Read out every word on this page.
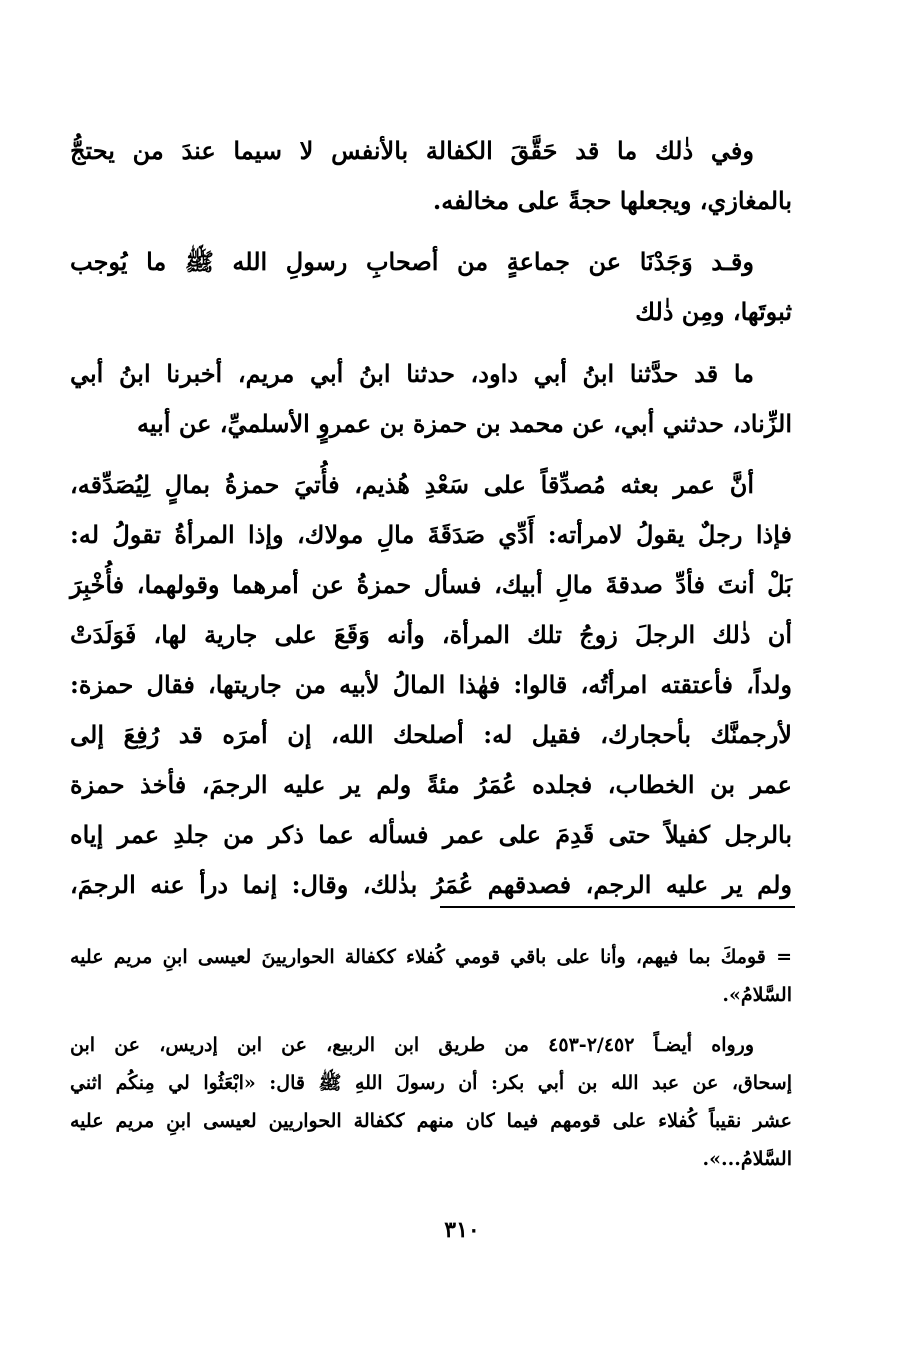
وفي ذٰلك ما قد حَقَّقَ الكفالة بالأنفس لا سيما عندَ من يحتجُّ
بالمغازي، ويجعلها حجةً على مخالفه.
وقـد وَجَدْنَا عن جماعةٍ من أصحابِ رسولِ الله ﷺ ما يُوجب
ثبوتَها، ومِن ذٰلك
ما قد حدَّثنا ابنُ أبي داود، حدثنا ابنُ أبي مريم، أخبرنا ابنُ أبي
الزِّناد، حدثني أبي، عن محمد بن حمزة بن عمروٍ الأسلميِّ، عن أبيه
أنَّ عمر بعثه مُصدِّقاً على سَعْدِ هُذيم، فأُتيَ حمزةُ بمالٍ لِيُصَدِّقه،
فإذا رجلٌ يقولُ لامرأته: أَدِّي صَدَقَةَ مالِ مولاك، وإذا المرأةُ تقولُ له:
بَلْ أنتَ فأدِّ صدقةَ مالِ أبيك، فسأل حمزةُ عن أمرهما وقولهما، فأُخْبِرَ
أن ذٰلك الرجلَ زوجُ تلك المرأة، وأنه وَقَعَ على جارية لها، فَوَلَدَتْ
ولداً، فأعتقته امرأتُه، قالوا: فهٰذا المالُ لأبيه من جاريتها، فقال حمزة:
لأرجمنَّك بأحجارك، فقيل له: أصلحك الله، إن أمرَه قد رُفِعَ إلى
عمر بن الخطاب، فجلده عُمَرُ مئةً ولم ير عليه الرجمَ، فأخذ حمزة
بالرجل كفيلاً حتى قَدِمَ على عمر فسأله عما ذكر من جلدِ عمر إياه
ولم ير عليه الرجم، فصدقهم عُمَرُ بذٰلك، وقال: إنما درأ عنه الرجمَ،
= قومكَ بما فيهم، وأنا على باقي قومي كُفلاء ككفالة الحواريينَ لعيسى ابنِ مريم عليه
السَّلامُ».
ورواه أيضـاً ٢/٤٥٢-٤٥٣ من طريق ابن الربيع، عن ابن إدريس، عن ابن
إسحاق، عن عبد الله بن أبي بكر: أن رسولَ اللهِ ﷺ قال: «ابْعَثُوا لي مِنكُم اثني
عشر نقيباً كُفلاء على قومهم فيما كان منهم ككفالة الحواريين لعيسى ابنِ مريم عليه
السَّلامُ...».
٣١٠
